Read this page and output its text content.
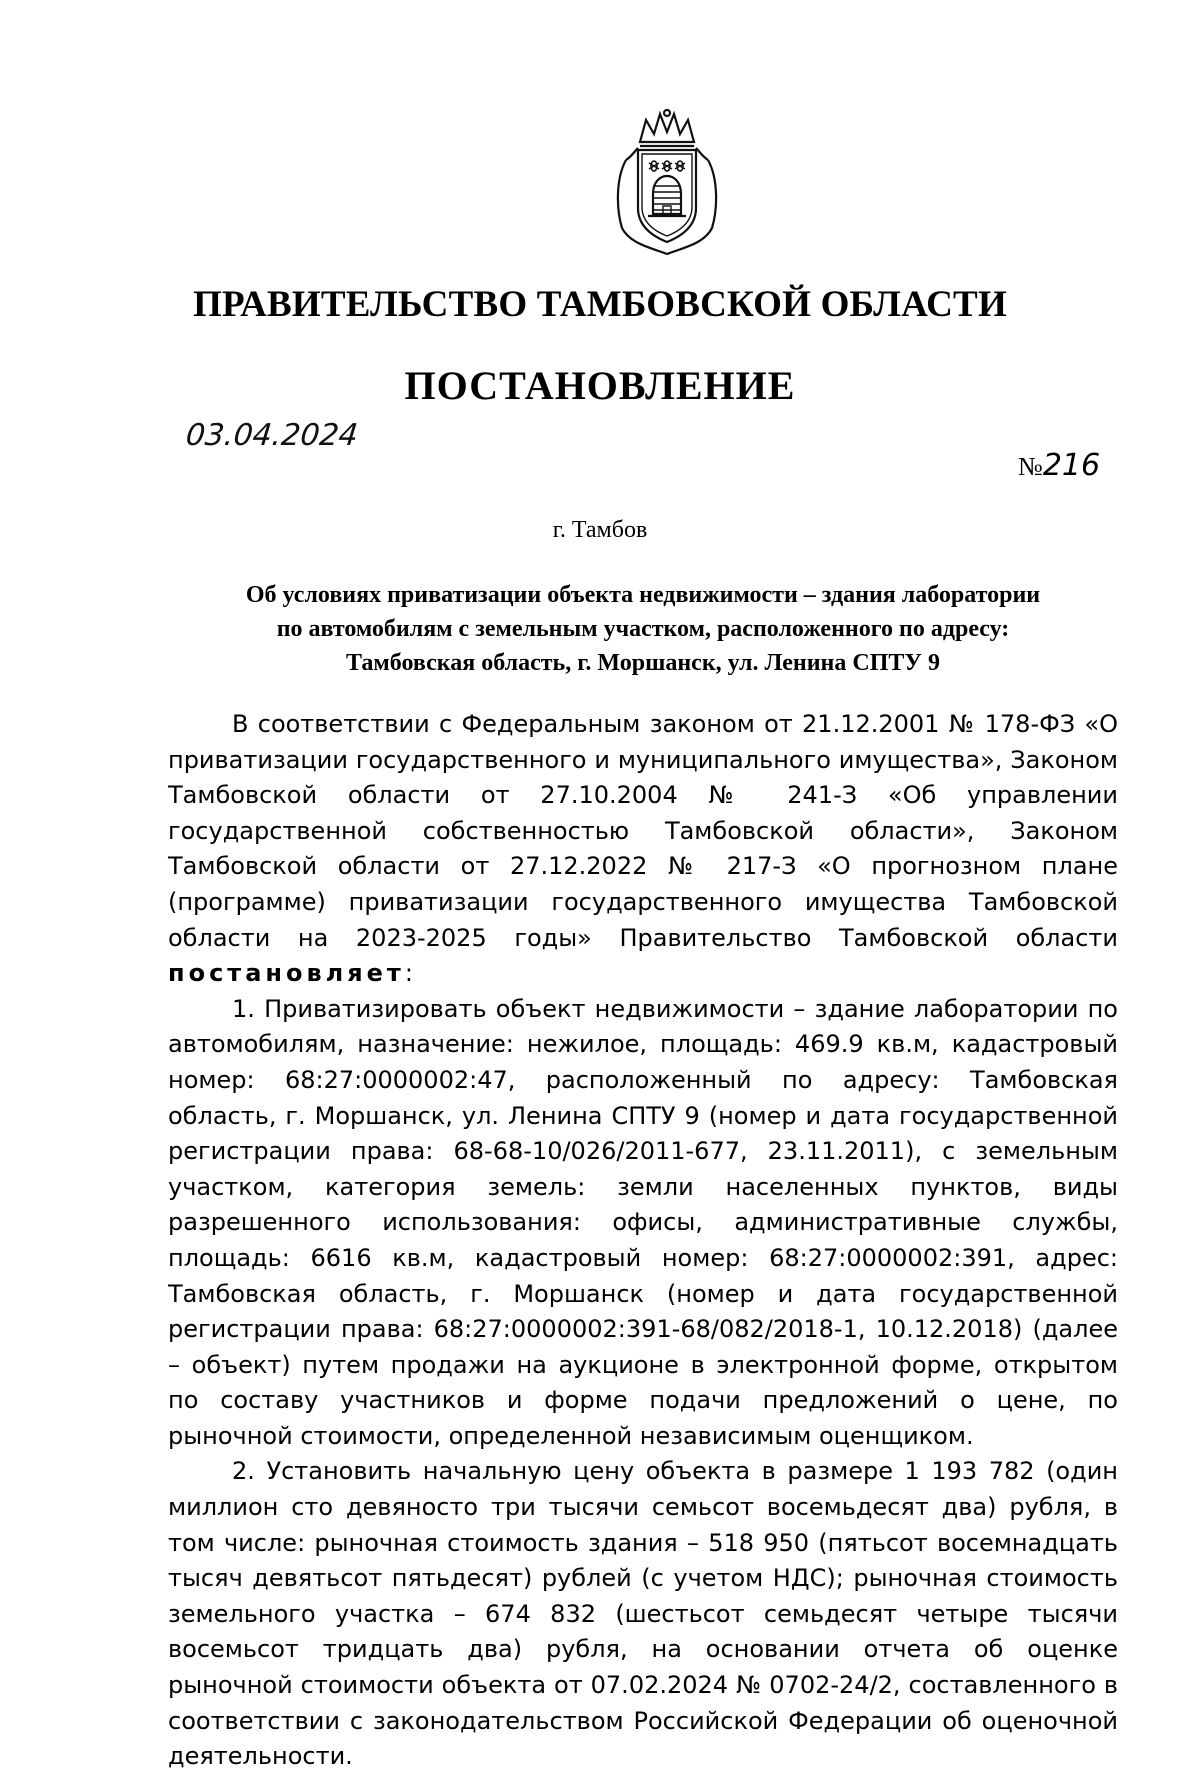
ПРАВИТЕЛЬСТВО ТАМБОВСКОЙ ОБЛАСТИ
ПОСТАНОВЛЕНИЕ
03.04.2024
№216
г. Тамбов
Об условиях приватизации объекта недвижимости – здания лаборатории
по автомобилям с земельным участком, расположенного по адресу:
Тамбовская область, г. Моршанск, ул. Ленина СПТУ 9

В соответствии с Федеральным законом от 21.12.2001 № 178-ФЗ «О приватизации государственного и муниципального имущества», Законом Тамбовской области от 27.10.2004 № 241-З «Об управлении государственной собственностью Тамбовской области», Законом Тамбовской области от 27.12.2022 № 217-З «О прогнозном плане (программе) приватизации государственного имущества Тамбовской области на 2023-2025 годы» Правительство Тамбовской области постановляет:

1. Приватизировать объект недвижимости – здание лаборатории по автомобилям, назначение: нежилое, площадь: 469.9 кв.м, кадастровый номер: 68:27:0000002:47, расположенный по адресу: Тамбовская область, г. Моршанск, ул. Ленина СПТУ 9 (номер и дата государственной регистрации права: 68-68-10/026/2011-677, 23.11.2011), с земельным участком, категория земель: земли населенных пунктов, виды разрешенного использования: офисы, административные службы, площадь: 6616 кв.м, кадастровый номер: 68:27:0000002:391, адрес: Тамбовская область, г. Моршанск (номер и дата государственной регистрации права: 68:27:0000002:391-68/082/2018-1, 10.12.2018) (далее – объект) путем продажи на аукционе в электронной форме, открытом по составу участников и форме подачи предложений о цене, по рыночной стоимости, определенной независимым оценщиком.

2. Установить начальную цену объекта в размере 1 193 782 (один миллион сто девяносто три тысячи семьсот восемьдесят два) рубля, в том числе: рыночная стоимость здания – 518 950 (пятьсот восемнадцать тысяч девятьсот пятьдесят) рублей (с учетом НДС); рыночная стоимость земельного участка – 674 832 (шестьсот семьдесят четыре тысячи восемьсот тридцать два) рубля, на основании отчета об оценке рыночной стоимости объекта от 07.02.2024 № 0702-24/2, составленного в соответствии с законодательством Российской Федерации об оценочной деятельности.
